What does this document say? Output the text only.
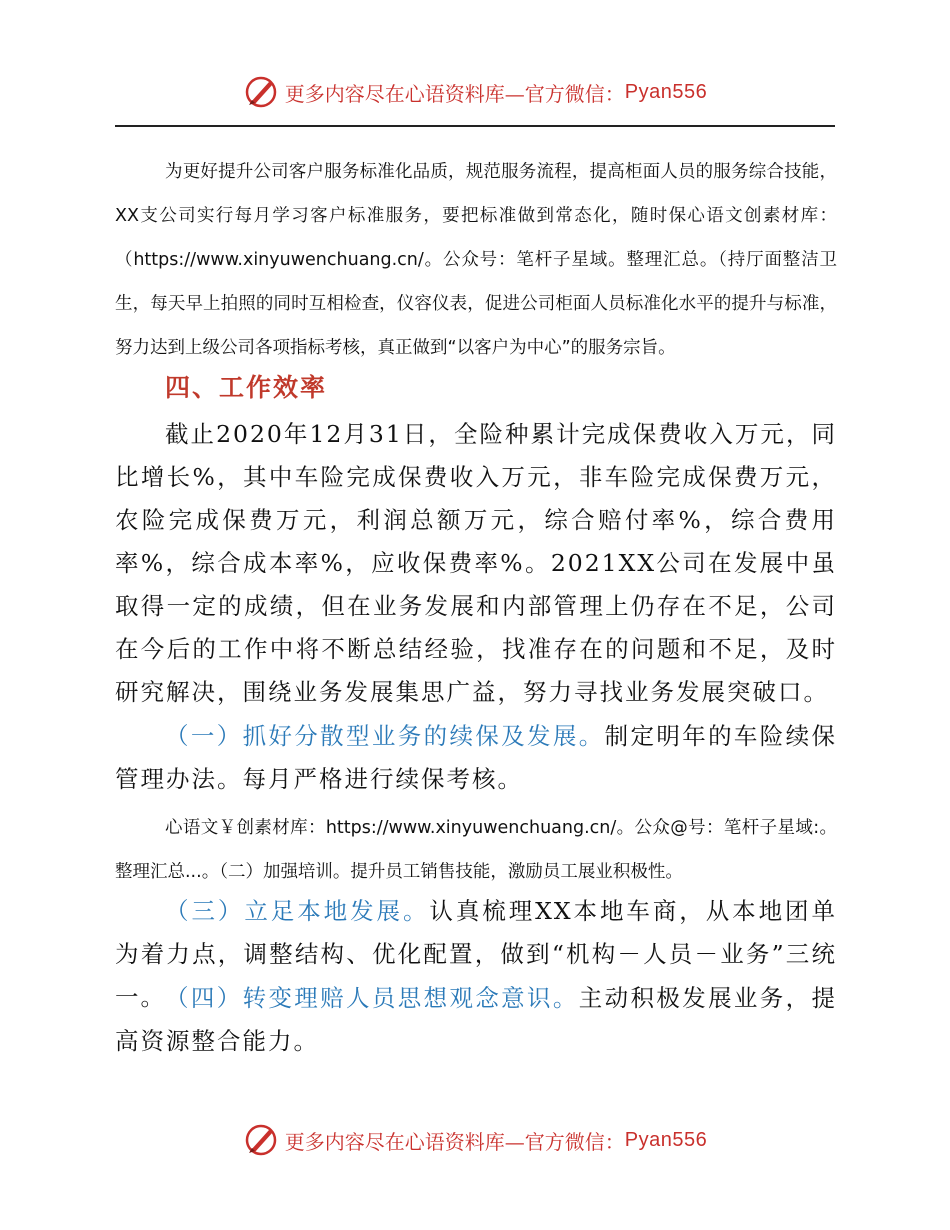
更多内容尽在心语资料库—官方微信： Pyan556

为更好提升公司客户服务标准化品质，规范服务流程，提高柜面人员的服务综合技能，XX支公司实行每月学习客户标准服务，要把标准做到常态化，随时保心语文创素材库：（https://www.xinyuwenchuang.cn/。公众号：笔杆子星域。整理汇总。（持厅面整洁卫生，每天早上拍照的同时互相检查，仪容仪表，促进公司柜面人员标准化水平的提升与标准，努力达到上级公司各项指标考核，真正做到“以客户为中心”的服务宗旨。

四、工作效率

截止2020年12月31日，全险种累计完成保费收入万元，同比增长%，其中车险完成保费收入万元，非车险完成保费万元，农险完成保费万元，利润总额万元，综合赔付率%，综合费用率%，综合成本率%，应收保费率%。2021XX公司在发展中虽取得一定的成绩，但在业务发展和内部管理上仍存在不足，公司在今后的工作中将不断总结经验，找准存在的问题和不足，及时研究解决，围绕业务发展集思广益，努力寻找业务发展突破口。

（一）抓好分散型业务的续保及发展。制定明年的车险续保管理办法。每月严格进行续保考核。

心语文￥创素材库：https://www.xinyuwenchuang.cn/。公众@号：笔杆子星域:。整理汇总...。（二）加强培训。提升员工销售技能，激励员工展业积极性。

（三）立足本地发展。认真梳理XX本地车商，从本地团单为着力点，调整结构、优化配置，做到“机构－人员－业务”三统一。 （四）转变理赔人员思想观念意识。主动积极发展业务，提高资源整合能力。

更多内容尽在心语资料库—官方微信： Pyan556
